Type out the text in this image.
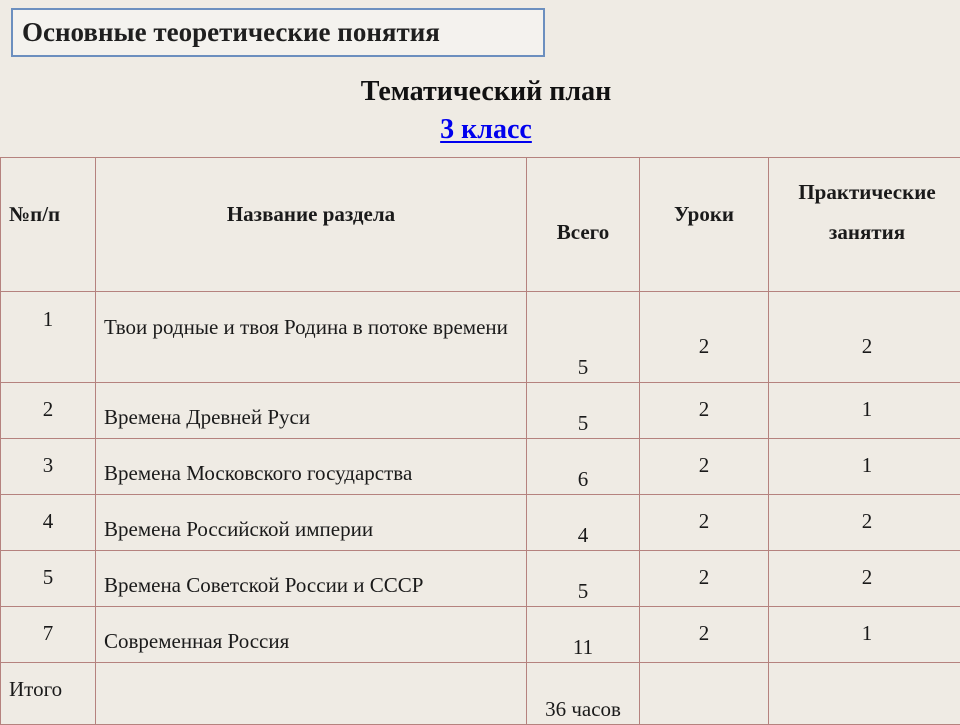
Основные теоретические понятия
Тематический план
3 класс
№п/п	Название раздела	Всего	Уроки	Практические
занятия

1	Твои родные и твоя Родина в потоке времени	5	2	2
2	Времена Древней Руси	5	2	1
3	Времена Московского государства	6	2	1
4	Времена Российской империи	4	2	2
5	Времена Советской России и СССР	5	2	2
7	Современная Россия	11	2	1
Итого		36 часов		
